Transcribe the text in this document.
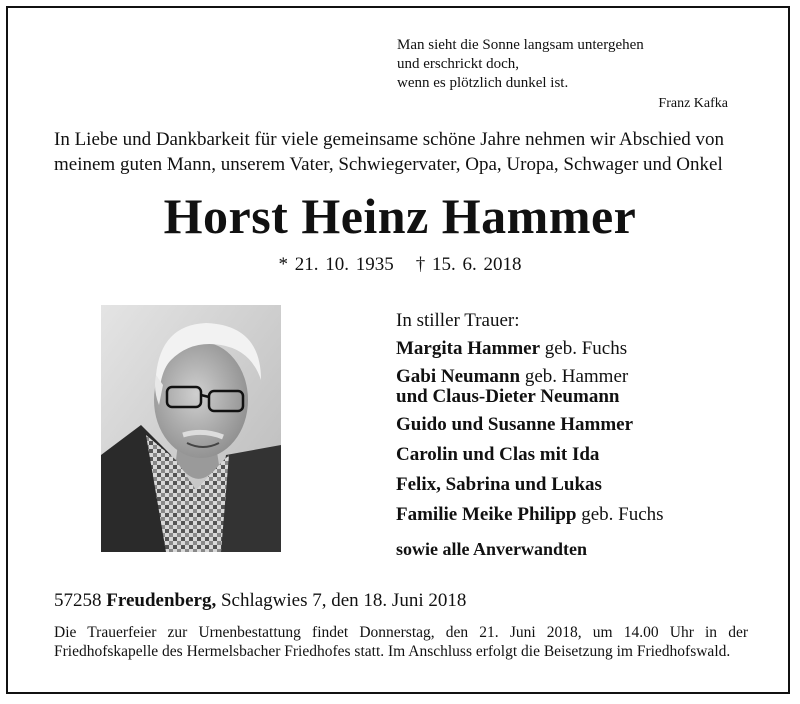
Man sieht die Sonne langsam untergehen
und erschrickt doch,
wenn es plötzlich dunkel ist.
Franz Kafka
In Liebe und Dankbarkeit für viele gemeinsame schöne Jahre nehmen wir Abschied von
meinem guten Mann, unserem Vater, Schwiegervater, Opa, Uropa, Schwager und Onkel
Horst Heinz Hammer
* 21. 10. 1935 † 15. 6. 2018
In stiller Trauer:
Margita Hammer geb. Fuchs
Gabi Neumann geb. Hammer
und Claus-Dieter Neumann
Guido und Susanne Hammer
Carolin und Clas mit Ida
Felix, Sabrina und Lukas
Familie Meike Philipp geb. Fuchs
sowie alle Anverwandten
57258 Freudenberg, Schlagwies 7, den 18. Juni 2018
Die Trauerfeier zur Urnenbestattung findet Donnerstag, den 21. Juni 2018, um 14.00 Uhr in der Friedhofskapelle des Hermelsbacher Friedhofes statt. Im Anschluss erfolgt die Beisetzung im Friedhofswald.
